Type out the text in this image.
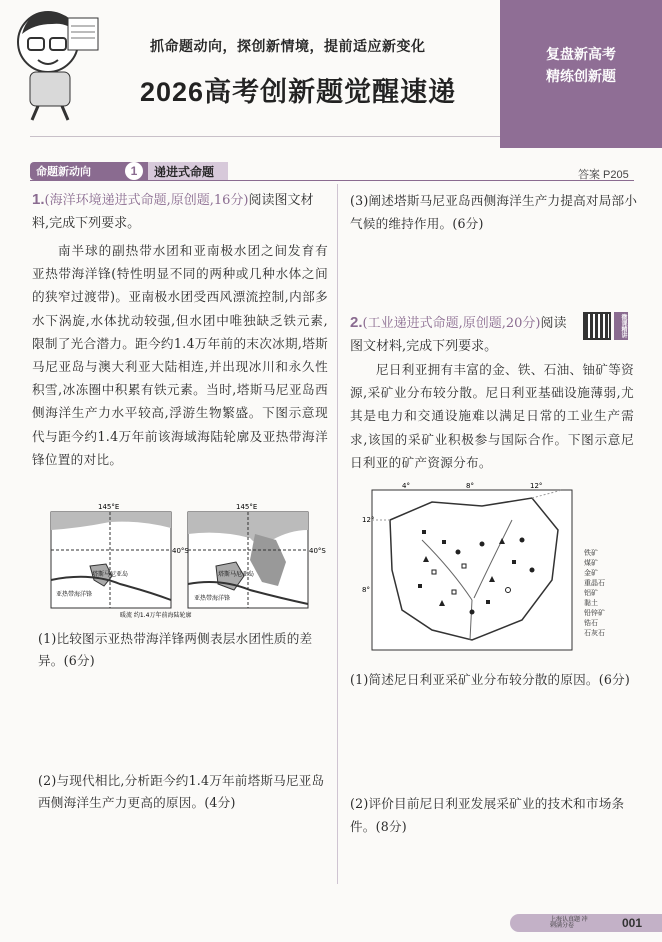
抓命题动向，探创新情境，提前适应新变化
2026高考创新题觉醒速递
复盘新高考
精练创新题
命题新动向	1	递进式命题	答案 P205
1.(海洋环境递进式命题,原创题,16分)阅读图文材料,完成下列要求。

南半球的副热带水团和亚南极水团之间发育有亚热带海洋锋(特性明显不同的两种或几种水体之间的狭窄过渡带)。亚南极水团受西风漂流控制,内部多水下涡旋,水体扰动较强,但水团中唯独缺乏铁元素,限制了光合潜力。距今约1.4万年前的末次冰期,塔斯马尼亚岛与澳大利亚大陆相连,并出现冰川和永久性积雪,冰冻圈中积累有铁元素。当时,塔斯马尼亚岛西侧海洋生产力水平较高,浮游生物繁盛。下图示意现代与距今约1.4万年前该海域海陆轮廓及亚热带海洋锋位置的对比。

145°E	145°E
40°S	40°S
塔斯马尼亚岛	塔斯马尼亚岛
亚热带海洋锋
亚热带海洋锋
暖流 约1.4万年前海陆轮廓
(1)比较图示亚热带海洋锋两侧表层水团性质的差异。(6分)
(2)与现代相比,分析距今约1.4万年前塔斯马尼亚岛西侧海洋生产力更高的原因。(4分)
(3)阐述塔斯马尼亚岛西侧海洋生产力提高对局部小气候的维持作用。(6分)
2.(工业递进式命题,原创题,20分)阅读图文材料,完成下列要求。
微课精讲

尼日利亚拥有丰富的金、铁、石油、铀矿等资源,采矿业分布较分散。尼日利亚基础设施薄弱,尤其是电力和交通设施难以满足日常的工业生产需求,该国的采矿业积极参与国际合作。下图示意尼日利亚的矿产资源分布。

4°	8°	12°
12°
8°
铁矿
煤矿
金矿
重晶石
铝矿
黏土
铅锌矿
锆石
石灰石
(1)简述尼日利亚采矿业分布较分散的原因。(6分)
(2)评价目前尼日利亚发展采矿业的技术和市场条件。(8分)
上海认真题 冲刺满分卷	001
